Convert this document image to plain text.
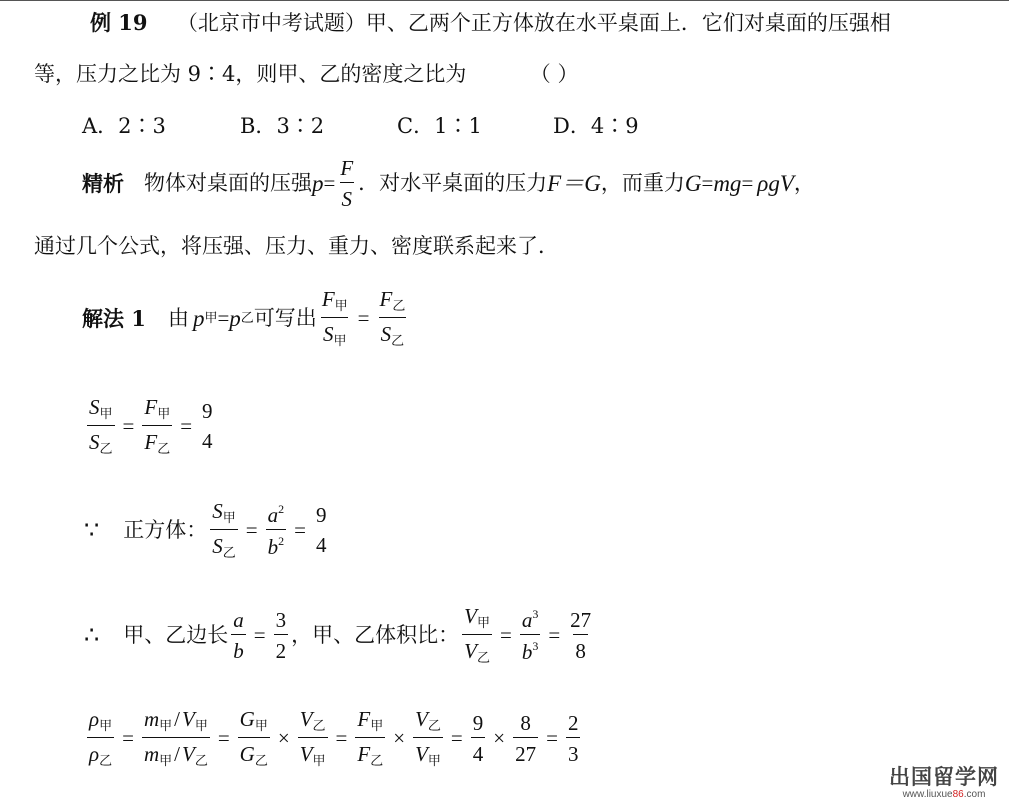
例 19 （北京市中考试题）甲、乙两个正方体放在水平桌面上．它们对桌面的压强相
等，压力之比为 9∶4，则甲、乙的密度之比为	（ ）
A．2∶3	B．3∶2	C．1∶1	D．4∶9
精析 物体对桌面的压强 $p = \frac{F}{S}$ ．对水平桌面的压力 F＝G ，而重力 G = mg = ρgV ，
通过几个公式，将压强、压力、重力、密度联系起来了．
解法 1 由 p 甲 = p 乙 可写出 $\frac{F_甲}{S_甲} = \frac{F_乙}{S_乙}$
$\frac{S_甲}{S_乙} = \frac{F_甲}{F_乙}$ =
9
4
∵ 正方体： $\frac{S_甲}{S_乙} = \frac{a^2}{b^2}$ =
9
4
∴ 甲、乙边长 $\frac{a}{b} = \frac{3}{2}$ ，甲、乙体积比： $\frac{V_甲}{V_乙} = \frac{a^3}{b^3} = \frac{27}{8}$
$\frac{\rho_甲}{\rho_乙} = \frac{m_甲/V_甲}{m_甲/V_乙} = \frac{G_甲}{G_乙} \times \frac{V_乙}{V_甲} = \frac{F_甲}{F_乙} \times \frac{V_乙}{V_甲} = \frac{9}{4} \times \frac{8}{27} = \frac{2}{3}$
出国留学网
www.liuxue86.com
